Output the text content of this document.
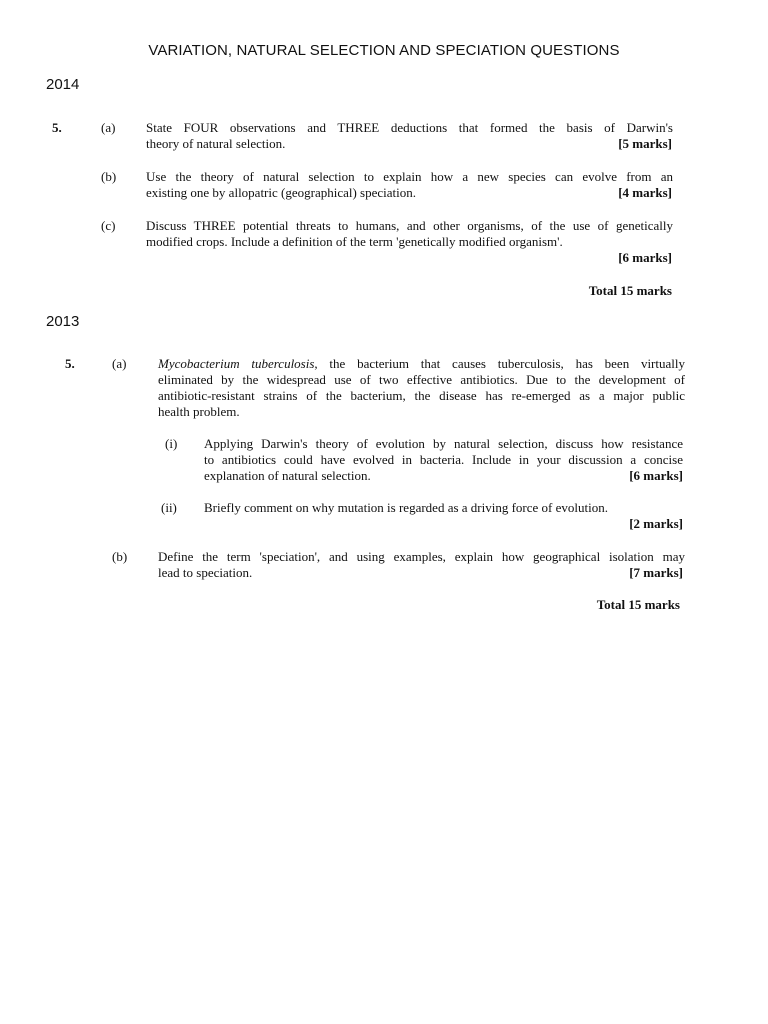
VARIATION, NATURAL SELECTION AND SPECIATION QUESTIONS
2014
5.	(a) State FOUR observations and THREE deductions that formed the basis of Darwin's

theory of natural selection.	[5 marks]
(b) Use the theory of natural selection to explain how a new species can evolve from an

existing one by allopatric (geographical) speciation.	[4 marks]
(c) Discuss THREE potential threats to humans, and other organisms, of the use of genetically

modified crops. Include a definition of the term 'genetically modified organism'.

[6 marks]
Total 15 marks
2013
5.	(a) Mycobacterium tuberculosis, the bacterium that causes tuberculosis, has been virtually

eliminated by the widespread use of two effective antibiotics. Due to the development of

antibiotic-resistant strains of the bacterium, the disease has re-emerged as a major public

health problem.

(i) Applying Darwin's theory of evolution by natural selection, discuss how resistance

to antibiotics could have evolved in bacteria. Include in your discussion a concise

explanation of natural selection.	[6 marks]
(ii) Briefly comment on why mutation is regarded as a driving force of evolution.

[2 marks]
(b) Define the term 'speciation', and using examples, explain how geographical isolation may

lead to speciation.	[7 marks]
Total 15 marks
